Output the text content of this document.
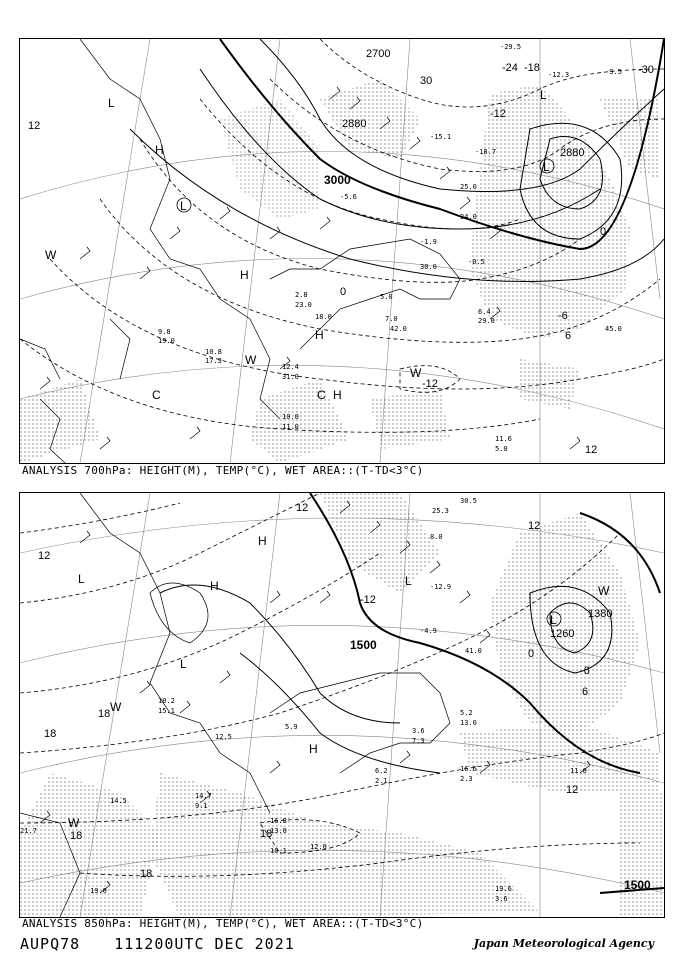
L
L
L
L
H
H
H
H
W
W
W
C	C
2700
2880
3000
2880
-24 -18	-30
-12
0
-6
12
-12
12
6
0
30
-29.5
-12.3	-9.5
-18.7
-15.1
-5.6
-1.9
-0.5
25.0
30.0
42.0	45.0
11.6
5.0
12.4
31.0
10.8
17.3
9.8
19.0
10.0
11.0
2.8
23.0
5.0
18.0	7.0
34.0
6.4
29.0
ANALYSIS 700hPa: HEIGHT(M), TEMP(°C), WET AREA::(T-TD<3°C)
L
L
L
L
H
H
H
W
W
W
1500
1380
1260
1500
12
18
12
18
18
18
-6
0
6
12
18
12
-12
30.5
25.3
-4.9
-12.9
8.0
41.0
5.2
13.0
11.0
19.6
3.6
12.0
6.2
2.1
16.6
2.3
14.7
9.1
10.2
12.5
15.1
5.9	3.6
7.3
19.0
21.7
14.5
16.8
13.0
10.1
ANALYSIS 850hPa: HEIGHT(M), TEMP(°C), WET AREA::(T-TD<3°C)
AUPQ78 111200UTC DEC 2021	Japan Meteorological Agency
